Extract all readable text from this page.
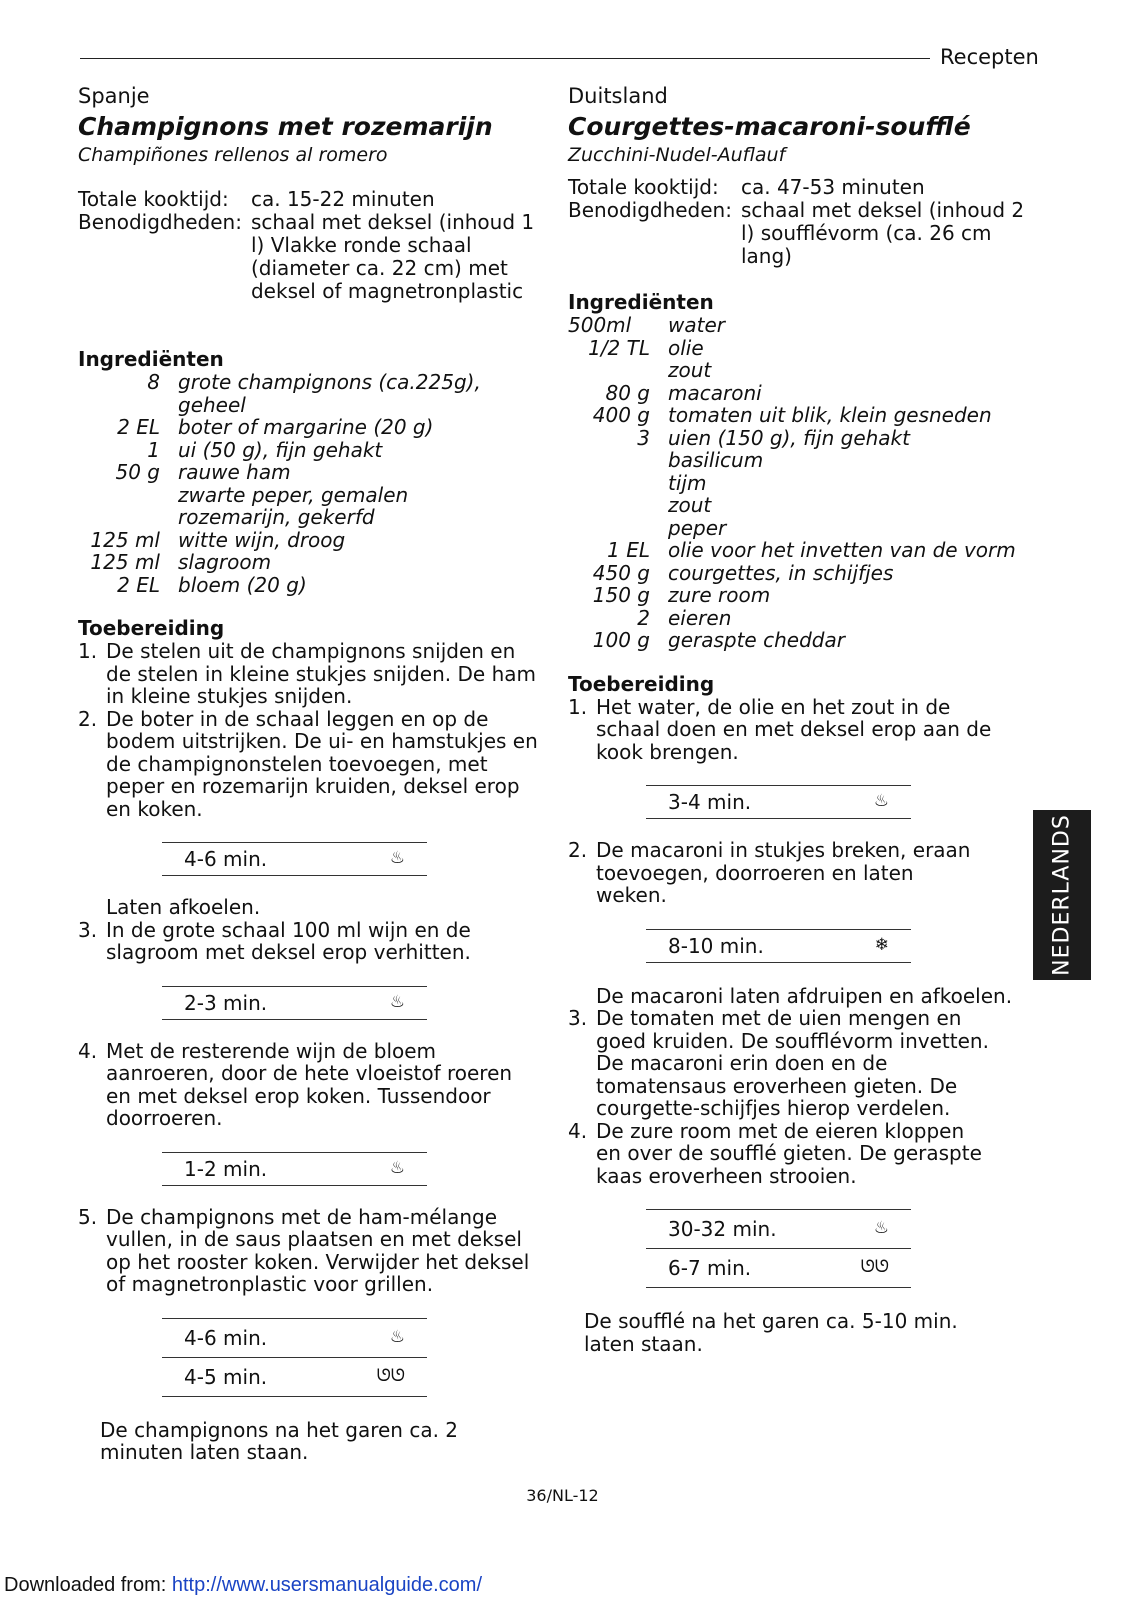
Recepten

Spanje

Champignons met rozemarijn

Champiñones rellenos al romero

Totale kooktijd:	ca. 15-22 minuten
Benodigdheden:	schaal met deksel (inhoud 1 l) Vlakke ronde schaal (diameter ca. 22 cm) met deksel of magnetronplastic

Ingrediënten

8	grote champignons (ca.225g), geheel
2 EL	boter of margarine (20 g)
1	ui (50 g), fijn gehakt
50 g	rauwe ham
	zwarte peper, gemalen
	rozemarijn, gekerfd
125 ml	witte wijn, droog
125 ml	slagroom
2 EL	bloem (20 g)

Toebereiding

1. De stelen uit de champignons snijden en de stelen in kleine stukjes snijden. De ham in kleine stukjes snijden.
2. De boter in de schaal leggen en op de bodem uitstrijken. De ui- en hamstukjes en de champignonstelen toevoegen, met peper en rozemarijn kruiden, deksel erop en koken.
4-6 min.	♨︎
Laten afkoelen.
3. In de grote schaal 100 ml wijn en de slagroom met deksel erop verhitten.
2-3 min.	♨︎
4. Met de resterende wijn de bloem aanroeren, door de hete vloeistof roeren en met deksel erop koken. Tussendoor doorroeren.
1-2 min.	♨︎
5. De champignons met de ham-mélange vullen, in de saus plaatsen en met deksel op het rooster koken. Verwijder het deksel of magnetronplastic voor grillen.
4-6 min.	♨︎
4-5 min.	ᘎᘎ
De champignons na het garen ca. 2 minuten laten staan.

Duitsland

Courgettes-macaroni-soufflé

Zucchini-Nudel-Auflauf

Totale kooktijd:	ca. 47-53 minuten
Benodigdheden:	schaal met deksel (inhoud 2 l) soufflévorm (ca. 26 cm lang)

Ingrediënten

500ml	water
1/2 TL	olie
	zout
80 g	macaroni
400 g	tomaten uit blik, klein gesneden
3	uien (150 g), fijn gehakt
	basilicum
	tijm
	zout
	peper
1 EL	olie voor het invetten van de vorm
450 g	courgettes, in schijfjes
150 g	zure room
2	eieren
100 g	geraspte cheddar

Toebereiding

1. Het water, de olie en het zout in de schaal doen en met deksel erop aan de kook brengen.
3-4 min.	♨︎
2. De macaroni in stukjes breken, eraan toevoegen, doorroeren en laten weken.
8-10 min.	❄︎
De macaroni laten afdruipen en afkoelen.
3. De tomaten met de uien mengen en goed kruiden. De soufflévorm invetten. De macaroni erin doen en de tomatensaus eroverheen gieten. De courgette-schijfjes hierop verdelen.
4. De zure room met de eieren kloppen en over de soufflé gieten. De geraspte kaas eroverheen strooien.
30-32 min.	♨︎
6-7 min.	ᘎᘎ
De soufflé na het garen ca. 5-10 min. laten staan.
NEDERLANDS
36/NL-12
Downloaded from: http://www.usersmanualguide.com/
